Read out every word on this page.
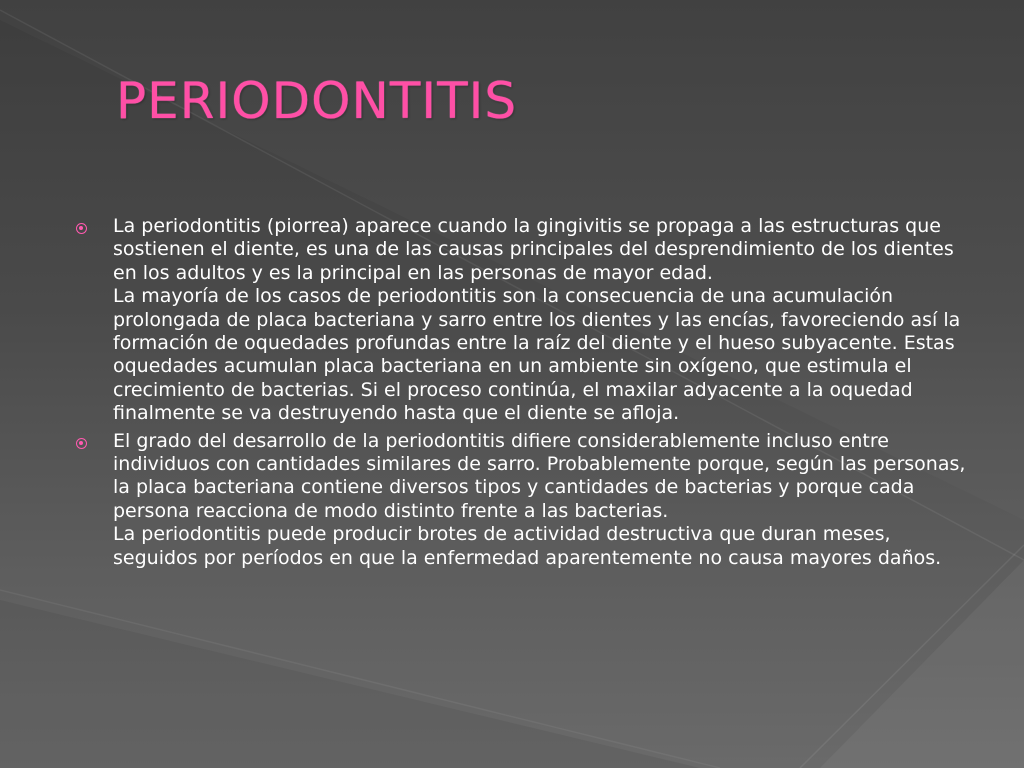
PERIODONTITIS

La periodontitis (piorrea) aparece cuando la gingivitis se propaga a las estructuras que sostienen el diente, es una de las causas principales del desprendimiento de los dientes en los adultos y es la principal en las personas de mayor edad.

La mayoría de los casos de periodontitis son la consecuencia de una acumulación prolongada de placa bacteriana y sarro entre los dientes y las encías, favoreciendo así la formación de oquedades profundas entre la raíz del diente y el hueso subyacente. Estas oquedades acumulan placa bacteriana en un ambiente sin oxígeno, que estimula el crecimiento de bacterias. Si el proceso continúa, el maxilar adyacente a la oquedad finalmente se va destruyendo hasta que el diente se afloja.

El grado del desarrollo de la periodontitis difiere considerablemente incluso entre individuos con cantidades similares de sarro. Probablemente porque, según las personas, la placa bacteriana contiene diversos tipos y cantidades de bacterias y porque cada persona reacciona de modo distinto frente a las bacterias.

La periodontitis puede producir brotes de actividad destructiva que duran meses, seguidos por períodos en que la enfermedad aparentemente no causa mayores daños.
